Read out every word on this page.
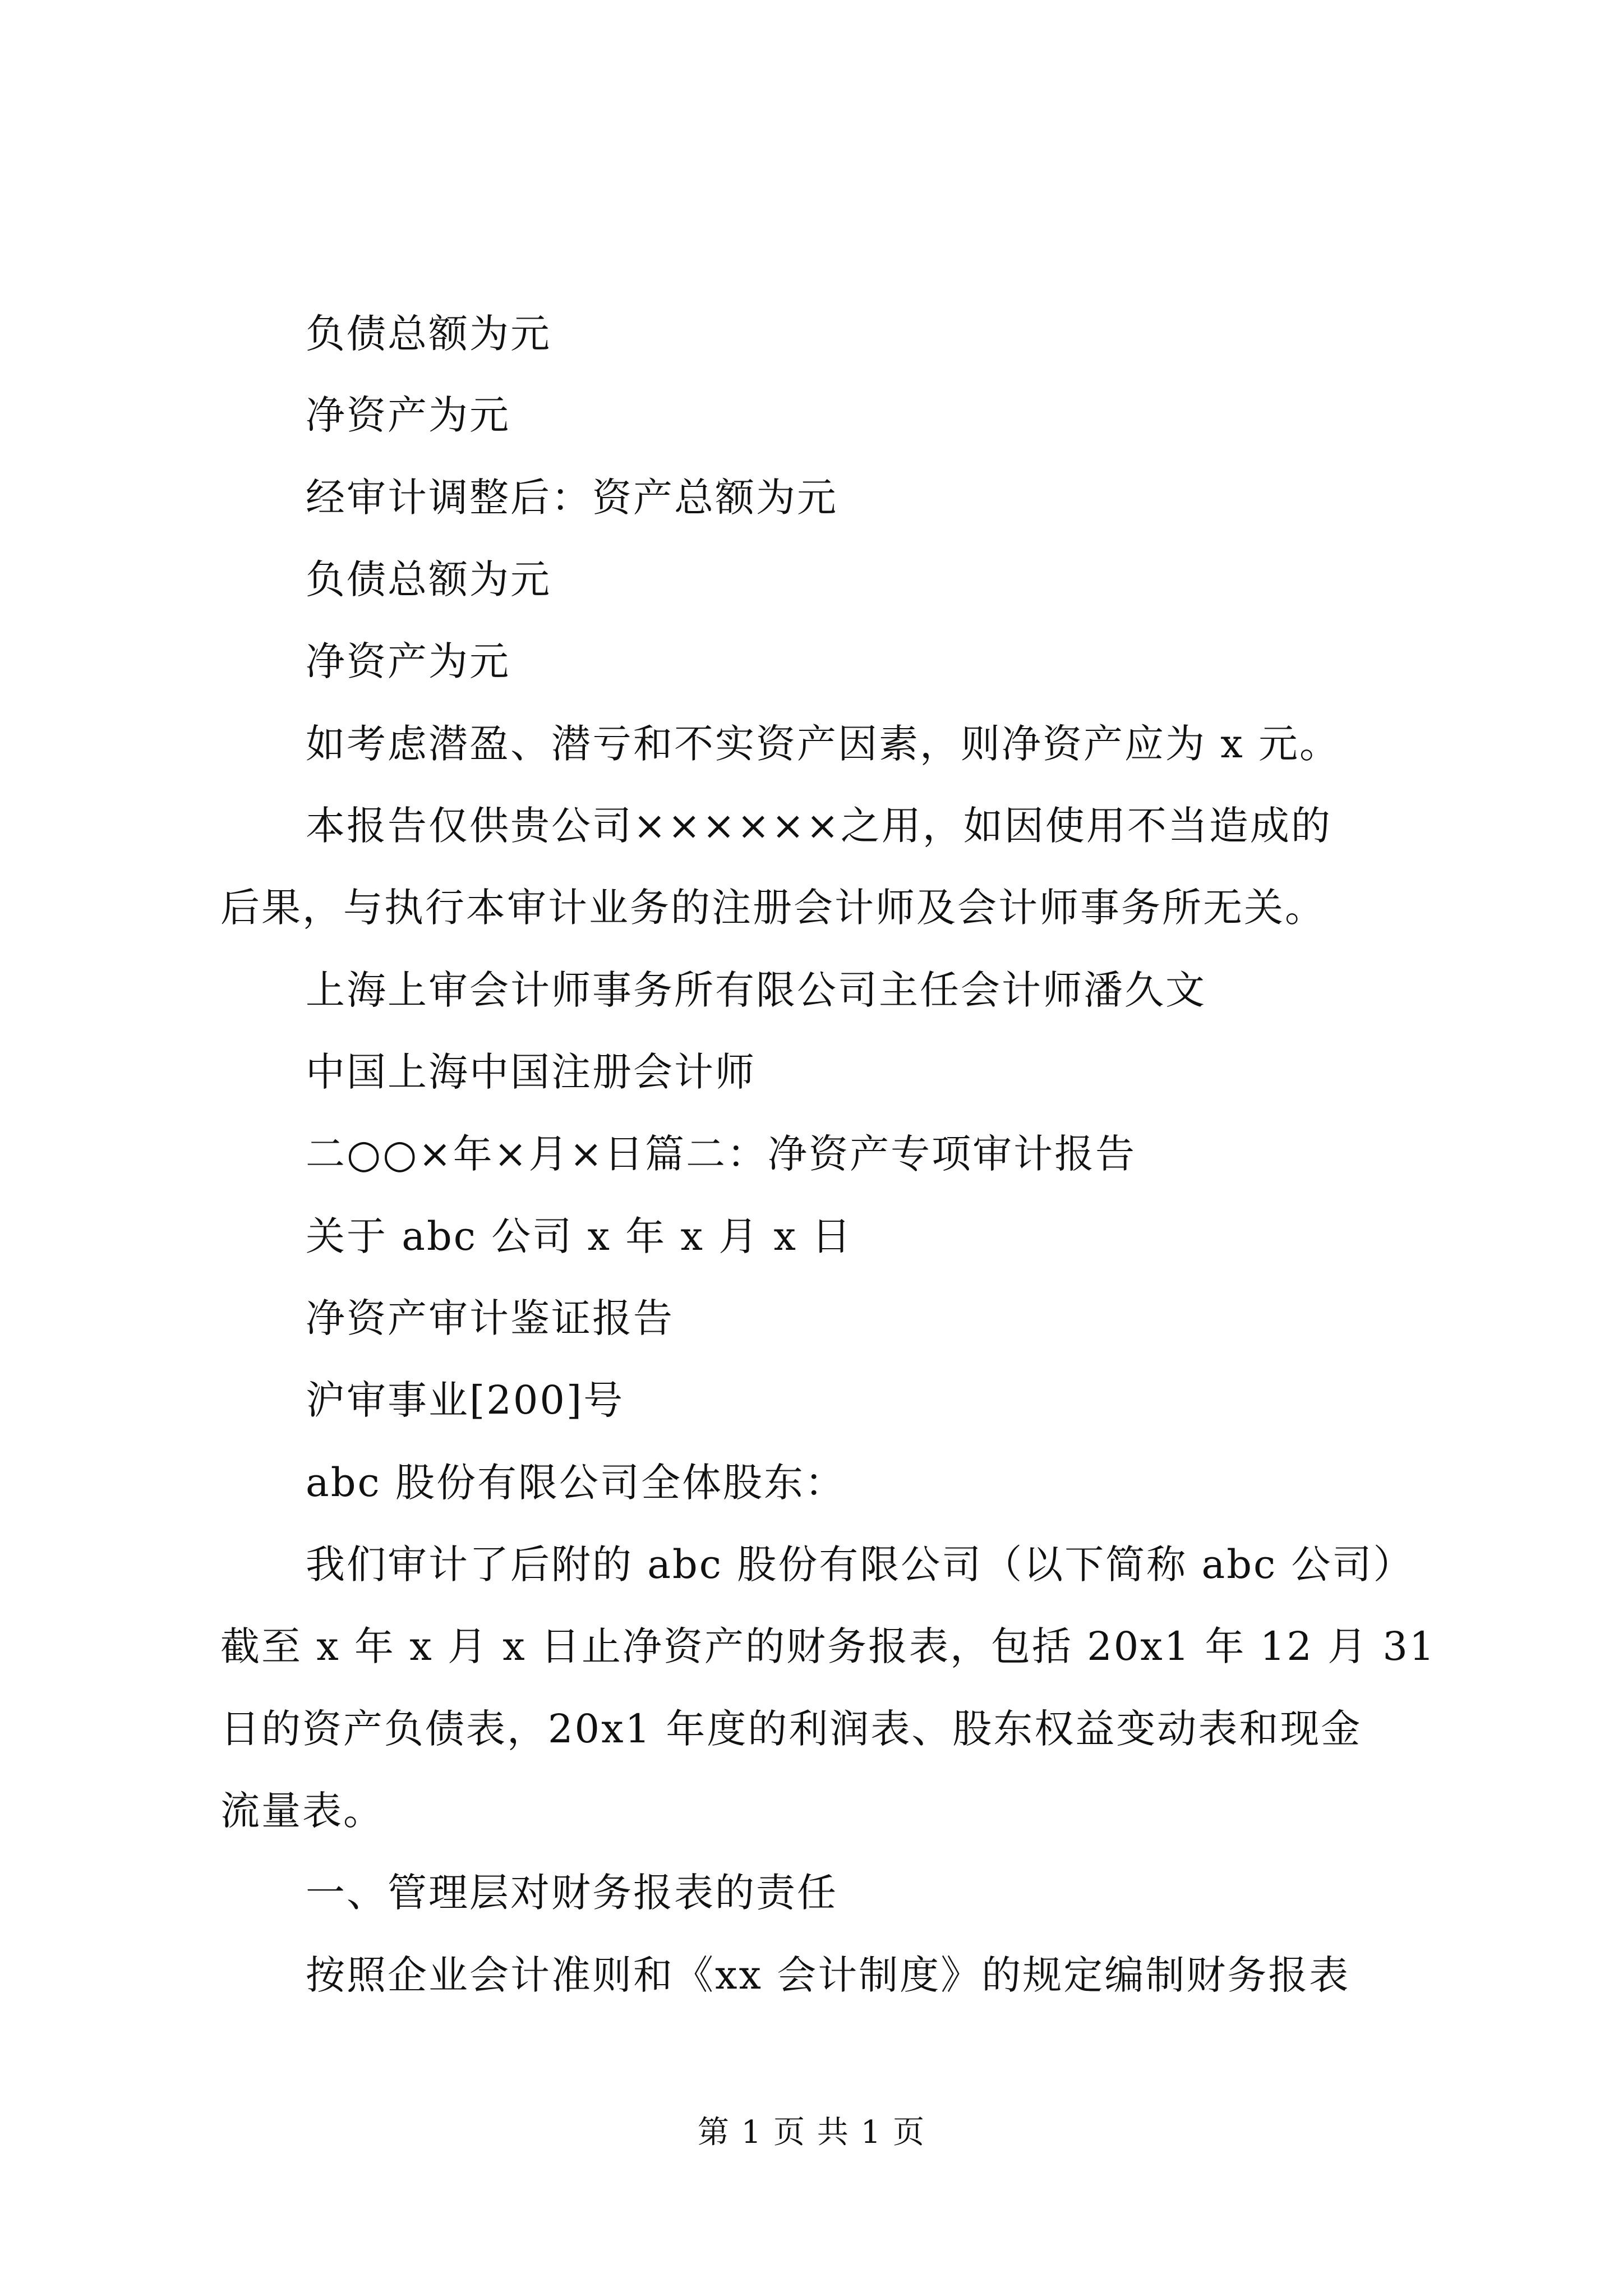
负债总额为元
净资产为元
经审计调整后：资产总额为元
负债总额为元
净资产为元
如考虑潜盈、潜亏和不实资产因素，则净资产应为 x 元。
本报告仅供贵公司××××××之用，如因使用不当造成的
后果，与执行本审计业务的注册会计师及会计师事务所无关。
上海上审会计师事务所有限公司主任会计师潘久文
中国上海中国注册会计师
二○○×年×月×日篇二：净资产专项审计报告
关于 abc 公司 x 年 x 月 x 日
净资产审计鉴证报告
沪审事业[200]号
abc 股份有限公司全体股东：
我们审计了后附的 abc 股份有限公司（以下简称 abc 公司）
截至 x 年 x 月 x 日止净资产的财务报表，包括 20x1 年 12 月 31
日的资产负债表，20x1 年度的利润表、股东权益变动表和现金
流量表。
一、管理层对财务报表的责任
按照企业会计准则和《xx 会计制度》的规定编制财务报表
第 1 页 共 1 页
